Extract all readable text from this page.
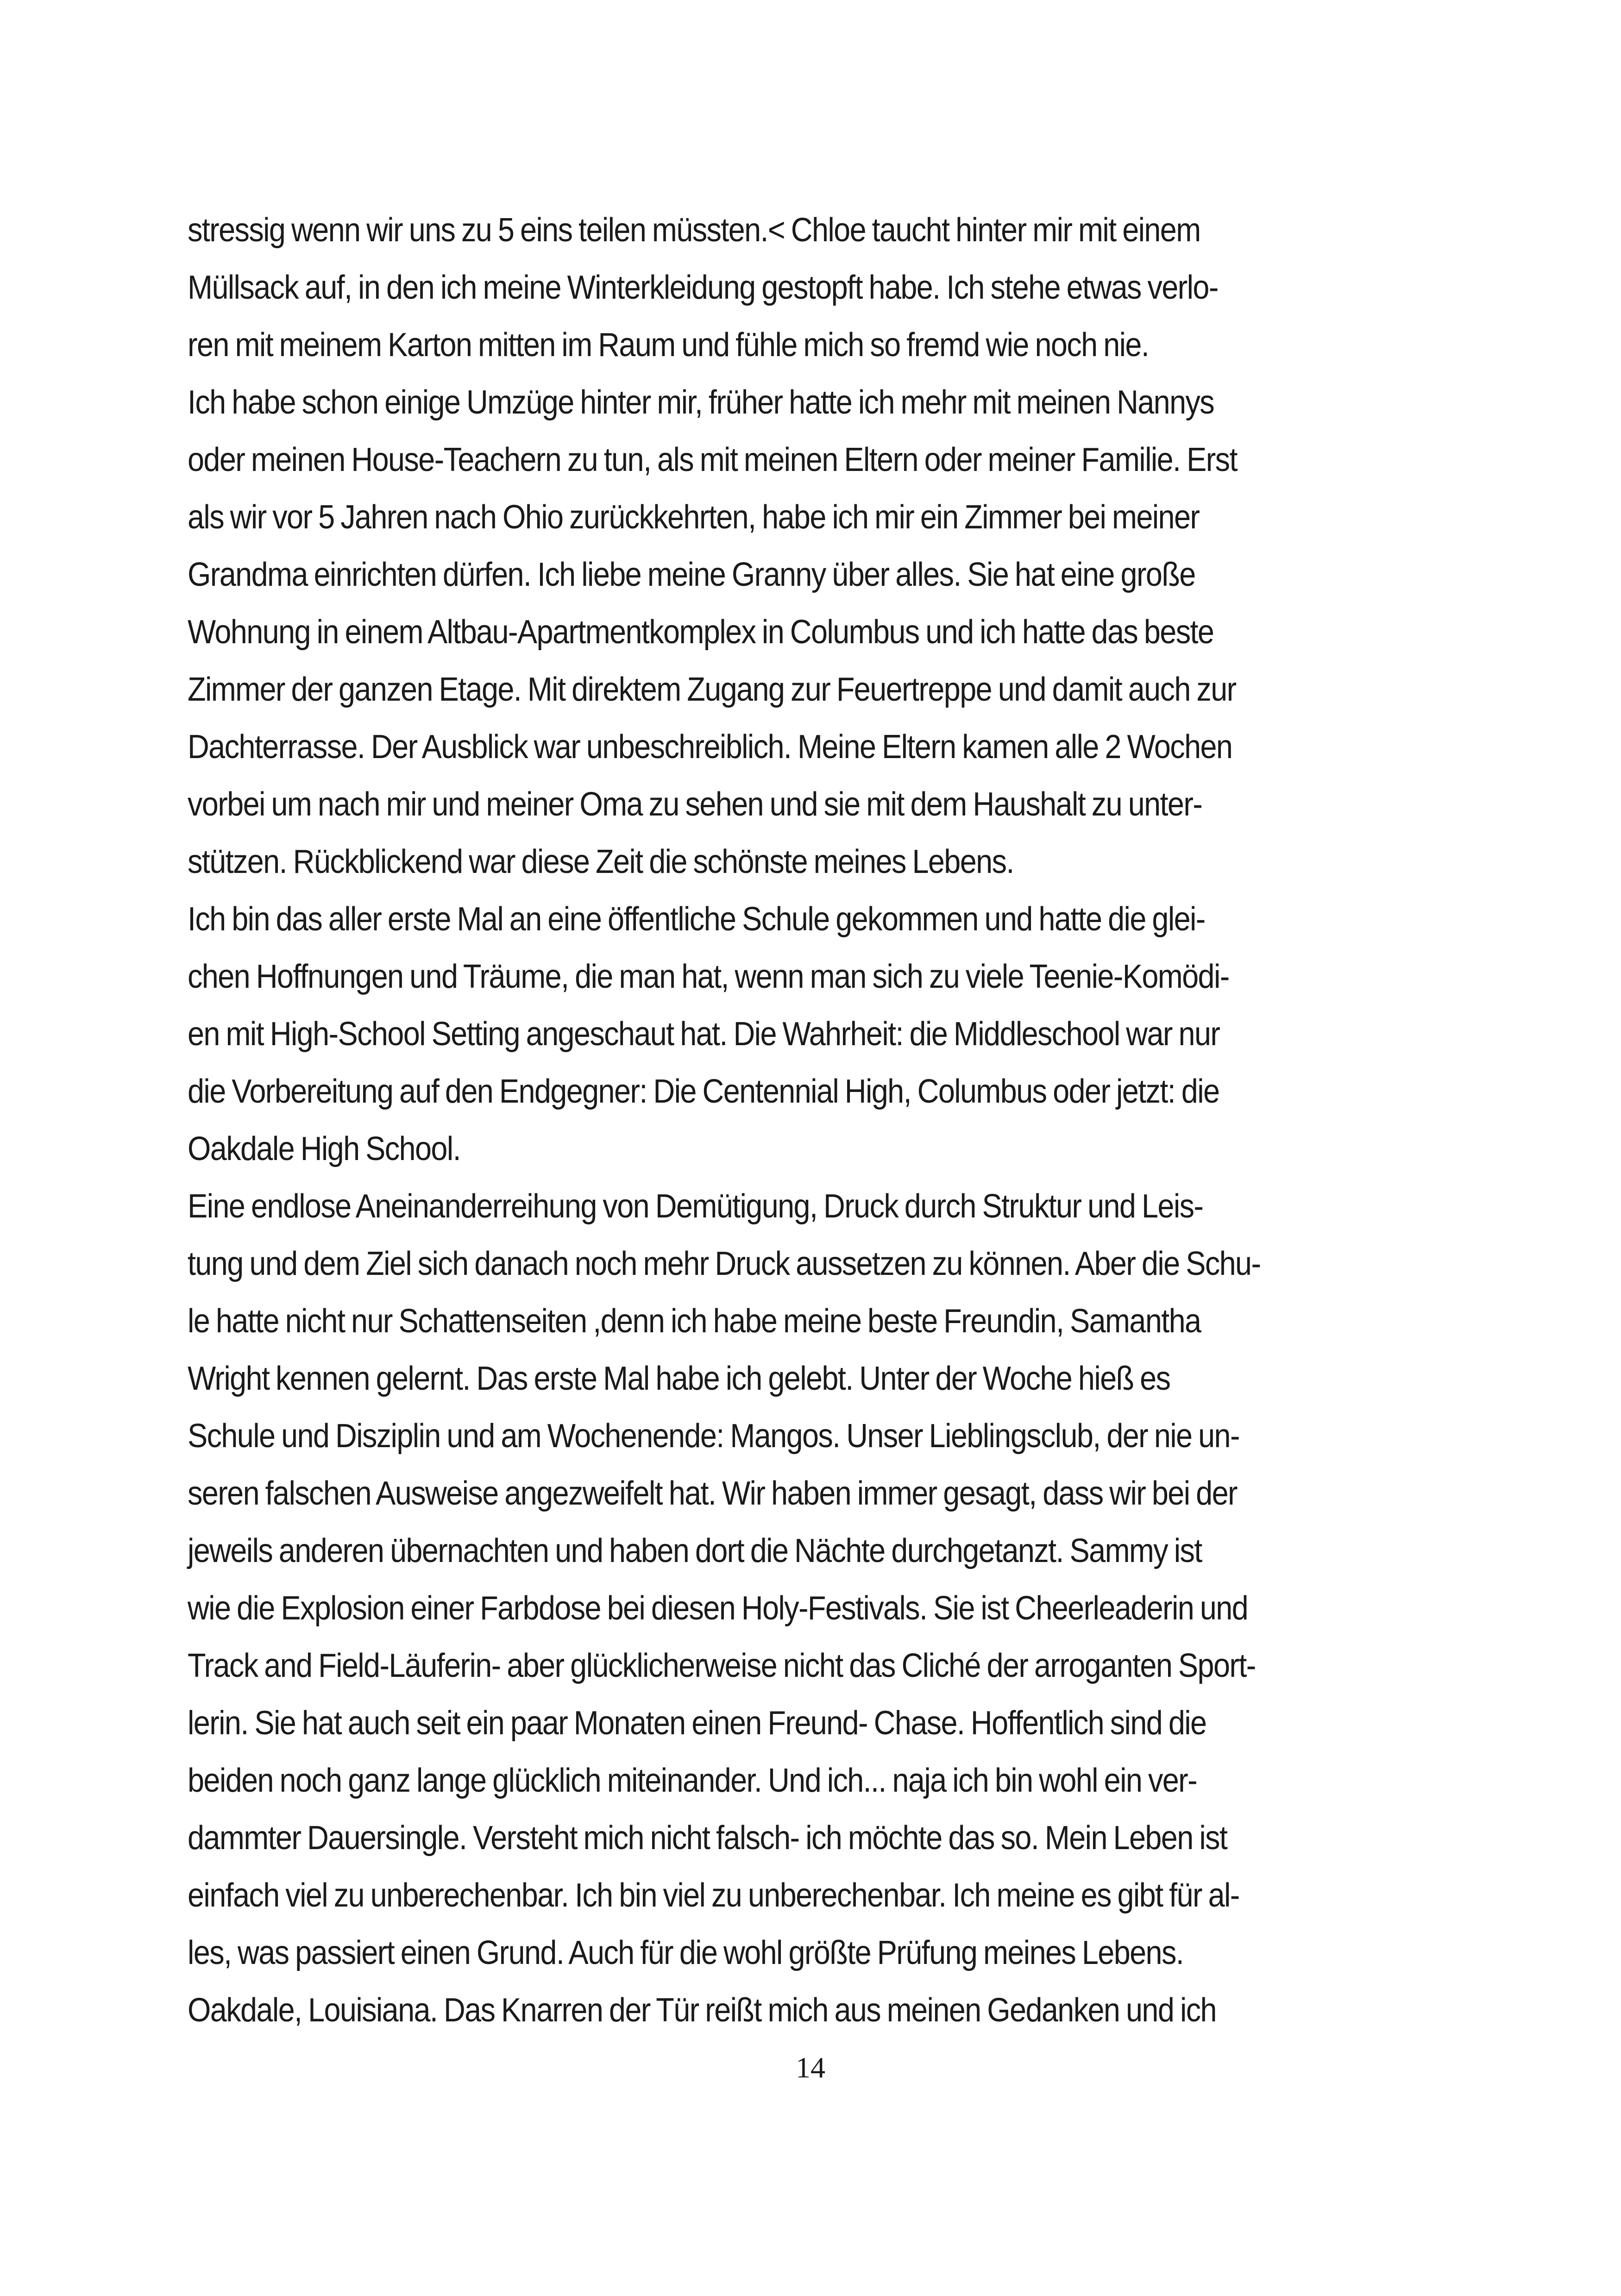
stressig wenn wir uns zu 5 eins teilen müssten.< Chloe taucht hinter mir mit einem
Müllsack auf, in den ich meine Winterkleidung gestopft habe. Ich stehe etwas verlo-
ren mit meinem Karton mitten im Raum und fühle mich so fremd wie noch nie.
Ich habe schon einige Umzüge hinter mir, früher hatte ich mehr mit meinen Nannys
oder meinen House-Teachern zu tun, als mit meinen Eltern oder meiner Familie. Erst
als wir vor 5 Jahren nach Ohio zurückkehrten, habe ich mir ein Zimmer bei meiner
Grandma einrichten dürfen. Ich liebe meine Granny über alles. Sie hat eine große
Wohnung in einem Altbau-Apartmentkomplex in Columbus und ich hatte das beste
Zimmer der ganzen Etage. Mit direktem Zugang zur Feuertreppe und damit auch zur
Dachterrasse. Der Ausblick war unbeschreiblich. Meine Eltern kamen alle 2 Wochen
vorbei um nach mir und meiner Oma zu sehen und sie mit dem Haushalt zu unter-
stützen. Rückblickend war diese Zeit die schönste meines Lebens.
Ich bin das aller erste Mal an eine öffentliche Schule gekommen und hatte die glei-
chen Hoffnungen und Träume, die man hat, wenn man sich zu viele Teenie-Komödi-
en mit High-School Setting angeschaut hat. Die Wahrheit: die Middleschool war nur
die Vorbereitung auf den Endgegner: Die Centennial High, Columbus oder jetzt: die
Oakdale High School.
Eine endlose Aneinanderreihung von Demütigung, Druck durch Struktur und Leis-
tung und dem Ziel sich danach noch mehr Druck aussetzen zu können. Aber die Schu-
le hatte nicht nur Schattenseiten ,denn ich habe meine beste Freundin, Samantha
Wright kennen gelernt. Das erste Mal habe ich gelebt. Unter der Woche hieß es
Schule und Disziplin und am Wochenende: Mangos. Unser Lieblingsclub, der nie un-
seren falschen Ausweise angezweifelt hat. Wir haben immer gesagt, dass wir bei der
jeweils anderen übernachten und haben dort die Nächte durchgetanzt. Sammy ist
wie die Explosion einer Farbdose bei diesen Holy-Festivals. Sie ist Cheerleaderin und
Track and Field-Läuferin- aber glücklicherweise nicht das Cliché der arroganten Sport-
lerin. Sie hat auch seit ein paar Monaten einen Freund- Chase. Hoffentlich sind die
beiden noch ganz lange glücklich miteinander. Und ich... naja ich bin wohl ein ver-
dammter Dauersingle. Versteht mich nicht falsch- ich möchte das so. Mein Leben ist
einfach viel zu unberechenbar. Ich bin viel zu unberechenbar. Ich meine es gibt für al-
les, was passiert einen Grund. Auch für die wohl größte Prüfung meines Lebens.
Oakdale, Louisiana. Das Knarren der Tür reißt mich aus meinen Gedanken und ich
14
